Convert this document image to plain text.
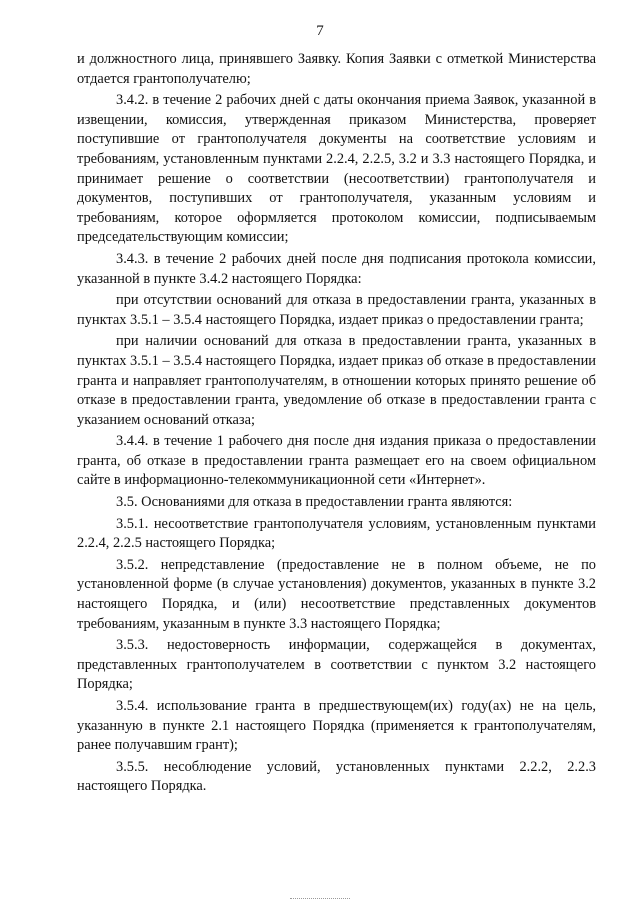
7

и должностного лица, принявшего Заявку. Копия Заявки с отметкой Министерства отдается грантополучателю;

3.4.2. в течение 2 рабочих дней с даты окончания приема Заявок, указанной в извещении, комиссия, утвержденная приказом Министерства, проверяет поступившие от грантополучателя документы на соответствие условиям и требованиям, установленным пунктами 2.2.4, 2.2.5, 3.2 и 3.3 настоящего Порядка, и принимает решение о соответствии (несоответствии) грантополучателя и документов, поступивших от грантополучателя, указанным условиям и требованиям, которое оформляется протоколом комиссии, подписываемым председательствующим комиссии;

3.4.3. в течение 2 рабочих дней после дня подписания протокола комиссии, указанной в пункте 3.4.2 настоящего Порядка:

при отсутствии оснований для отказа в предоставлении гранта, указанных в пунктах 3.5.1 – 3.5.4 настоящего Порядка, издает приказ о предоставлении гранта;

при наличии оснований для отказа в предоставлении гранта, указанных в пунктах 3.5.1 – 3.5.4 настоящего Порядка, издает приказ об отказе в предоставлении гранта и направляет грантополучателям, в отношении которых принято решение об отказе в предоставлении гранта, уведомление об отказе в предоставлении гранта с указанием оснований отказа;

3.4.4. в течение 1 рабочего дня после дня издания приказа о предоставлении гранта, об отказе в предоставлении гранта размещает его на своем официальном сайте в информационно-телекоммуникационной сети «Интернет».

3.5. Основаниями для отказа в предоставлении гранта являются:

3.5.1. несоответствие грантополучателя условиям, установленным пунктами 2.2.4, 2.2.5 настоящего Порядка;

3.5.2. непредставление (предоставление не в полном объеме, не по установленной форме (в случае установления) документов, указанных в пункте 3.2 настоящего Порядка, и (или) несоответствие представленных документов требованиям, указанным в пункте 3.3 настоящего Порядка;

3.5.3. недостоверность информации, содержащейся в документах, представленных грантополучателем в соответствии с пунктом 3.2 настоящего Порядка;

3.5.4. использование гранта в предшествующем(их) году(ах) не на цель, указанную в пункте 2.1 настоящего Порядка (применяется к грантополучателям, ранее получавшим грант);

3.5.5. несоблюдение условий, установленных пунктами 2.2.2, 2.2.3 настоящего Порядка.
